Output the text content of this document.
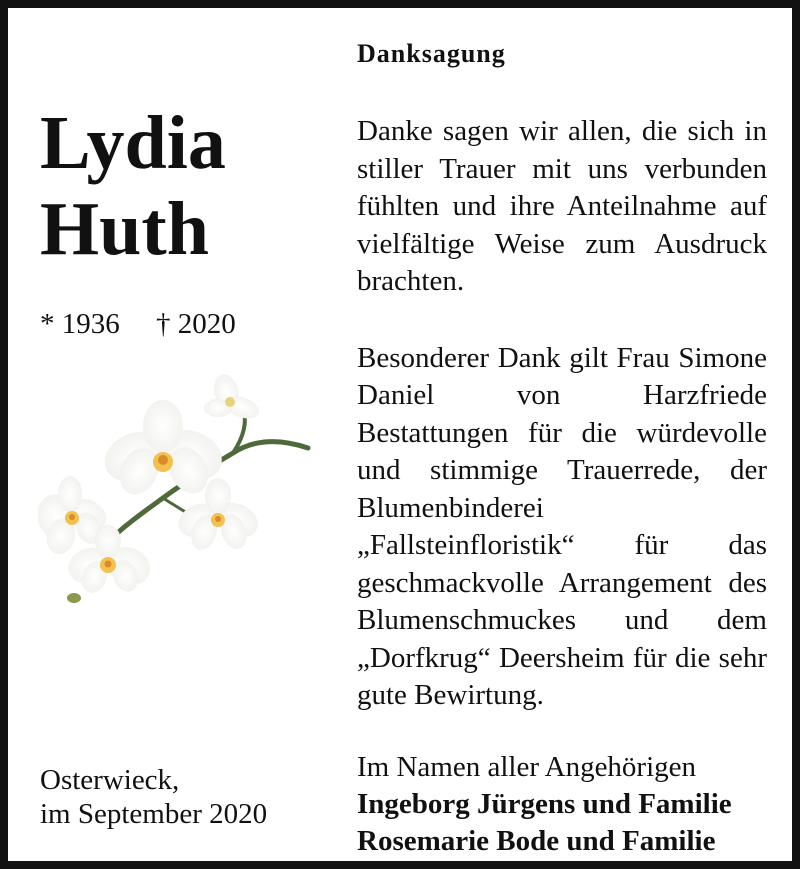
Lydia
Huth
* 1936     † 2020
Osterwieck,
im September 2020
Danksagung

Danke sagen wir allen, die sich in stiller Trauer mit uns verbunden fühlten und ihre Anteilnahme auf vielfältige Weise zum Ausdruck brachten.

Besonderer Dank gilt Frau Simone Daniel von Harzfriede Bestattungen für die würdevolle und stimmige Trauerrede, der Blumenbinderei „Fallsteinfloristik“ für das geschmackvolle Arrangement des Blumenschmuckes und dem „Dorfkrug“ Deersheim für die sehr gute Bewirtung.

Im Namen aller Angehörigen
Ingeborg Jürgens und Familie
Rosemarie Bode und Familie
